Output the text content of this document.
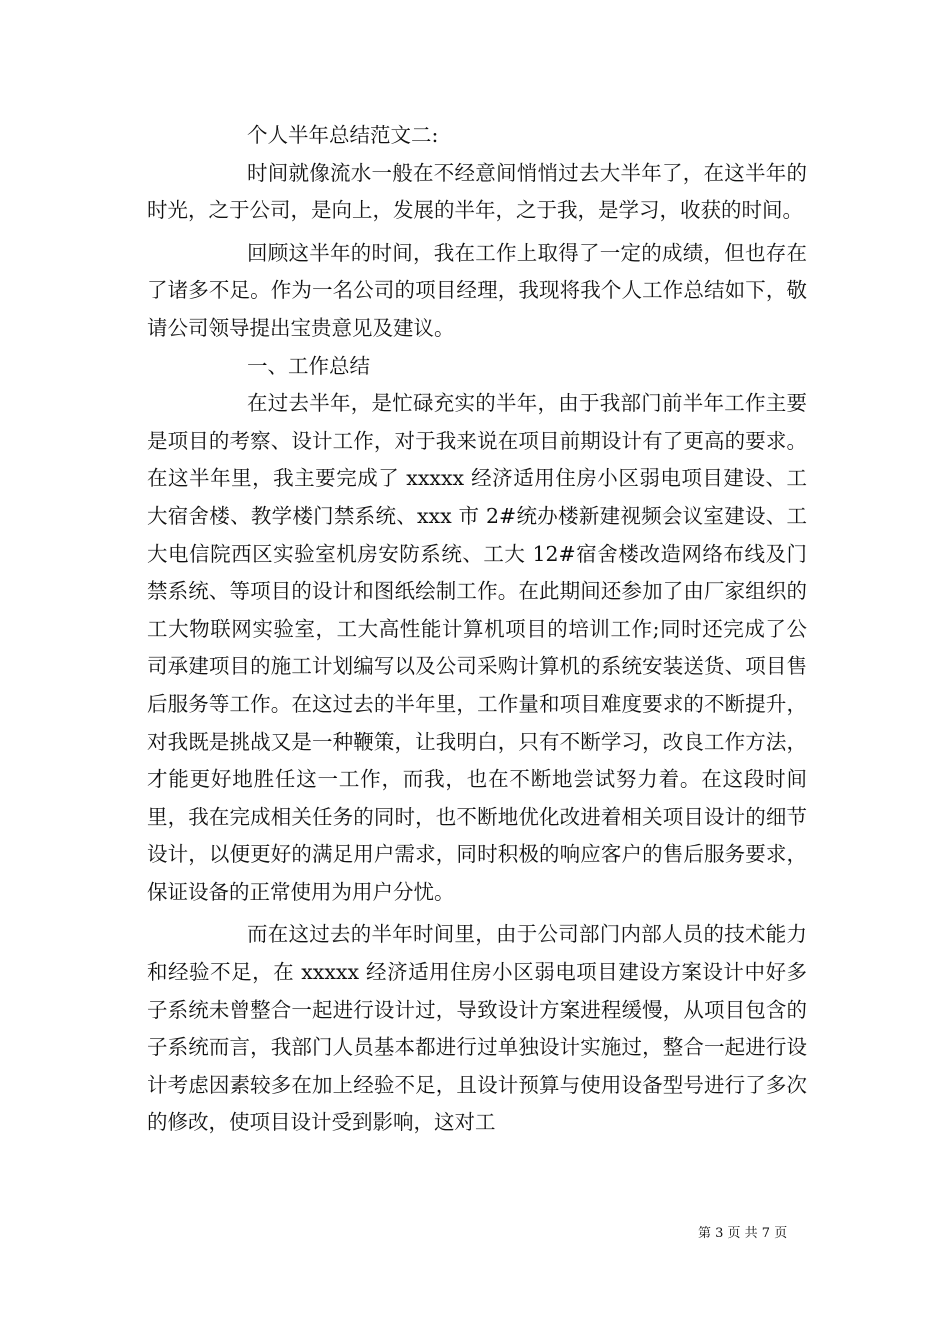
个人半年总结范文二:

时间就像流水一般在不经意间悄悄过去大半年了，在这半年的时光，之于公司，是向上，发展的半年，之于我，是学习，收获的时间。

回顾这半年的时间，我在工作上取得了一定的成绩，但也存在了诸多不足。作为一名公司的项目经理，我现将我个人工作总结如下，敬请公司领导提出宝贵意见及建议。

一、工作总结

在过去半年，是忙碌充实的半年，由于我部门前半年工作主要是项目的考察、设计工作，对于我来说在项目前期设计有了更高的要求。在这半年里，我主要完成了 xxxxx 经济适用住房小区弱电项目建设、工大宿舍楼、教学楼门禁系统、xxx 市 2#统办楼新建视频会议室建设、工大电信院西区实验室机房安防系统、工大 12#宿舍楼改造网络布线及门禁系统、等项目的设计和图纸绘制工作。在此期间还参加了由厂家组织的工大物联网实验室，工大高性能计算机项目的培训工作;同时还完成了公司承建项目的施工计划编写以及公司采购计算机的系统安装送货、项目售后服务等工作。在这过去的半年里，工作量和项目难度要求的不断提升，对我既是挑战又是一种鞭策，让我明白，只有不断学习，改良工作方法，才能更好地胜任这一工作，而我，也在不断地尝试努力着。在这段时间里，我在完成相关任务的同时，也不断地优化改进着相关项目设计的细节设计，以便更好的满足用户需求，同时积极的响应客户的售后服务要求，保证设备的正常使用为用户分忧。

而在这过去的半年时间里，由于公司部门内部人员的技术能力和经验不足，在 xxxxx 经济适用住房小区弱电项目建设方案设计中好多子系统未曾整合一起进行设计过，导致设计方案进程缓慢，从项目包含的子系统而言，我部门人员基本都进行过单独设计实施过，整合一起进行设计考虑因素较多在加上经验不足，且设计预算与使用设备型号进行了多次的修改，使项目设计受到影响，这对工

第 3 页 共 7 页
